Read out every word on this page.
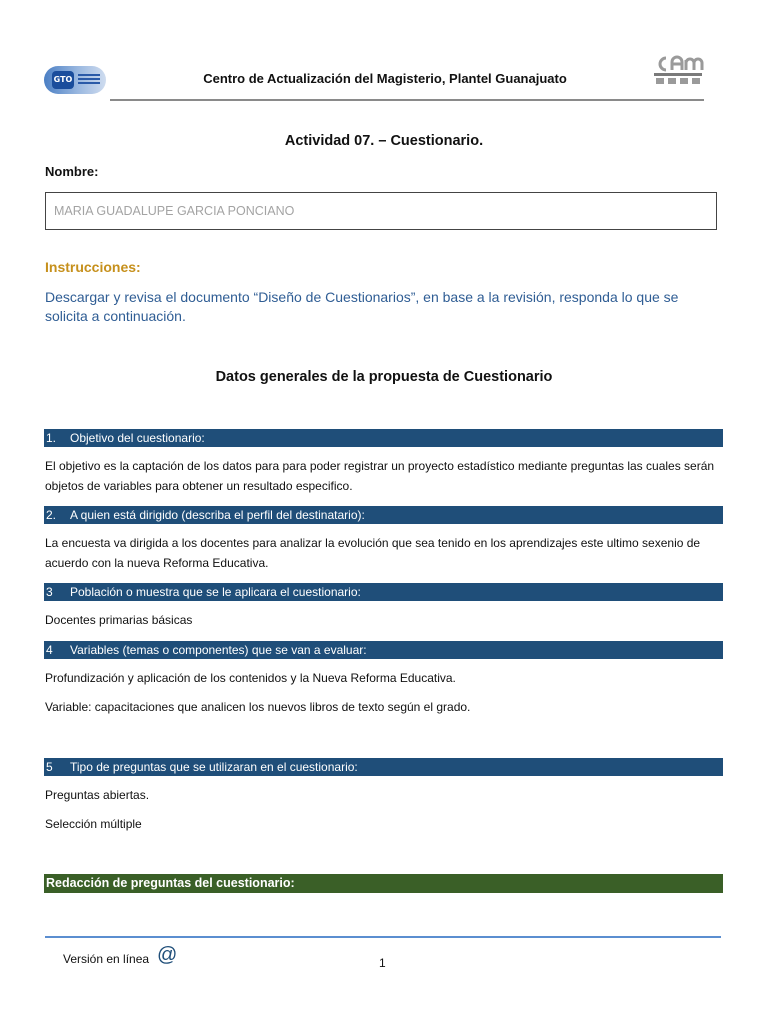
GTO	Centro de Actualización del Magisterio, Plantel Guanajuato
Actividad 07. – Cuestionario.
Nombre:
MARIA GUADALUPE GARCIA PONCIANO
Instrucciones:
Descargar y revisa el documento “Diseño de Cuestionarios”, en base a la revisión, responda lo que se solicita a continuación.
Datos generales de la propuesta de Cuestionario
1. Objetivo del cuestionario:
El objetivo es la captación de los datos para para poder registrar un proyecto estadístico mediante preguntas las cuales serán objetos de variables para obtener un resultado especifico.
2. A quien está dirigido (describa el perfil del destinatario):
La encuesta va dirigida a los docentes para analizar la evolución que sea tenido en los aprendizajes este ultimo sexenio de acuerdo con la nueva Reforma Educativa.
3 Población o muestra que se le aplicara el cuestionario:
Docentes primarias básicas
4 Variables (temas o componentes) que se van a evaluar:
Profundización y aplicación de los contenidos y la Nueva Reforma Educativa.
Variable: capacitaciones que analicen los nuevos libros de texto según el grado.
5 Tipo de preguntas que se utilizaran en el cuestionario:
Preguntas abiertas.
Selección múltiple
Redacción de preguntas del cuestionario:
Versión en línea @	1
